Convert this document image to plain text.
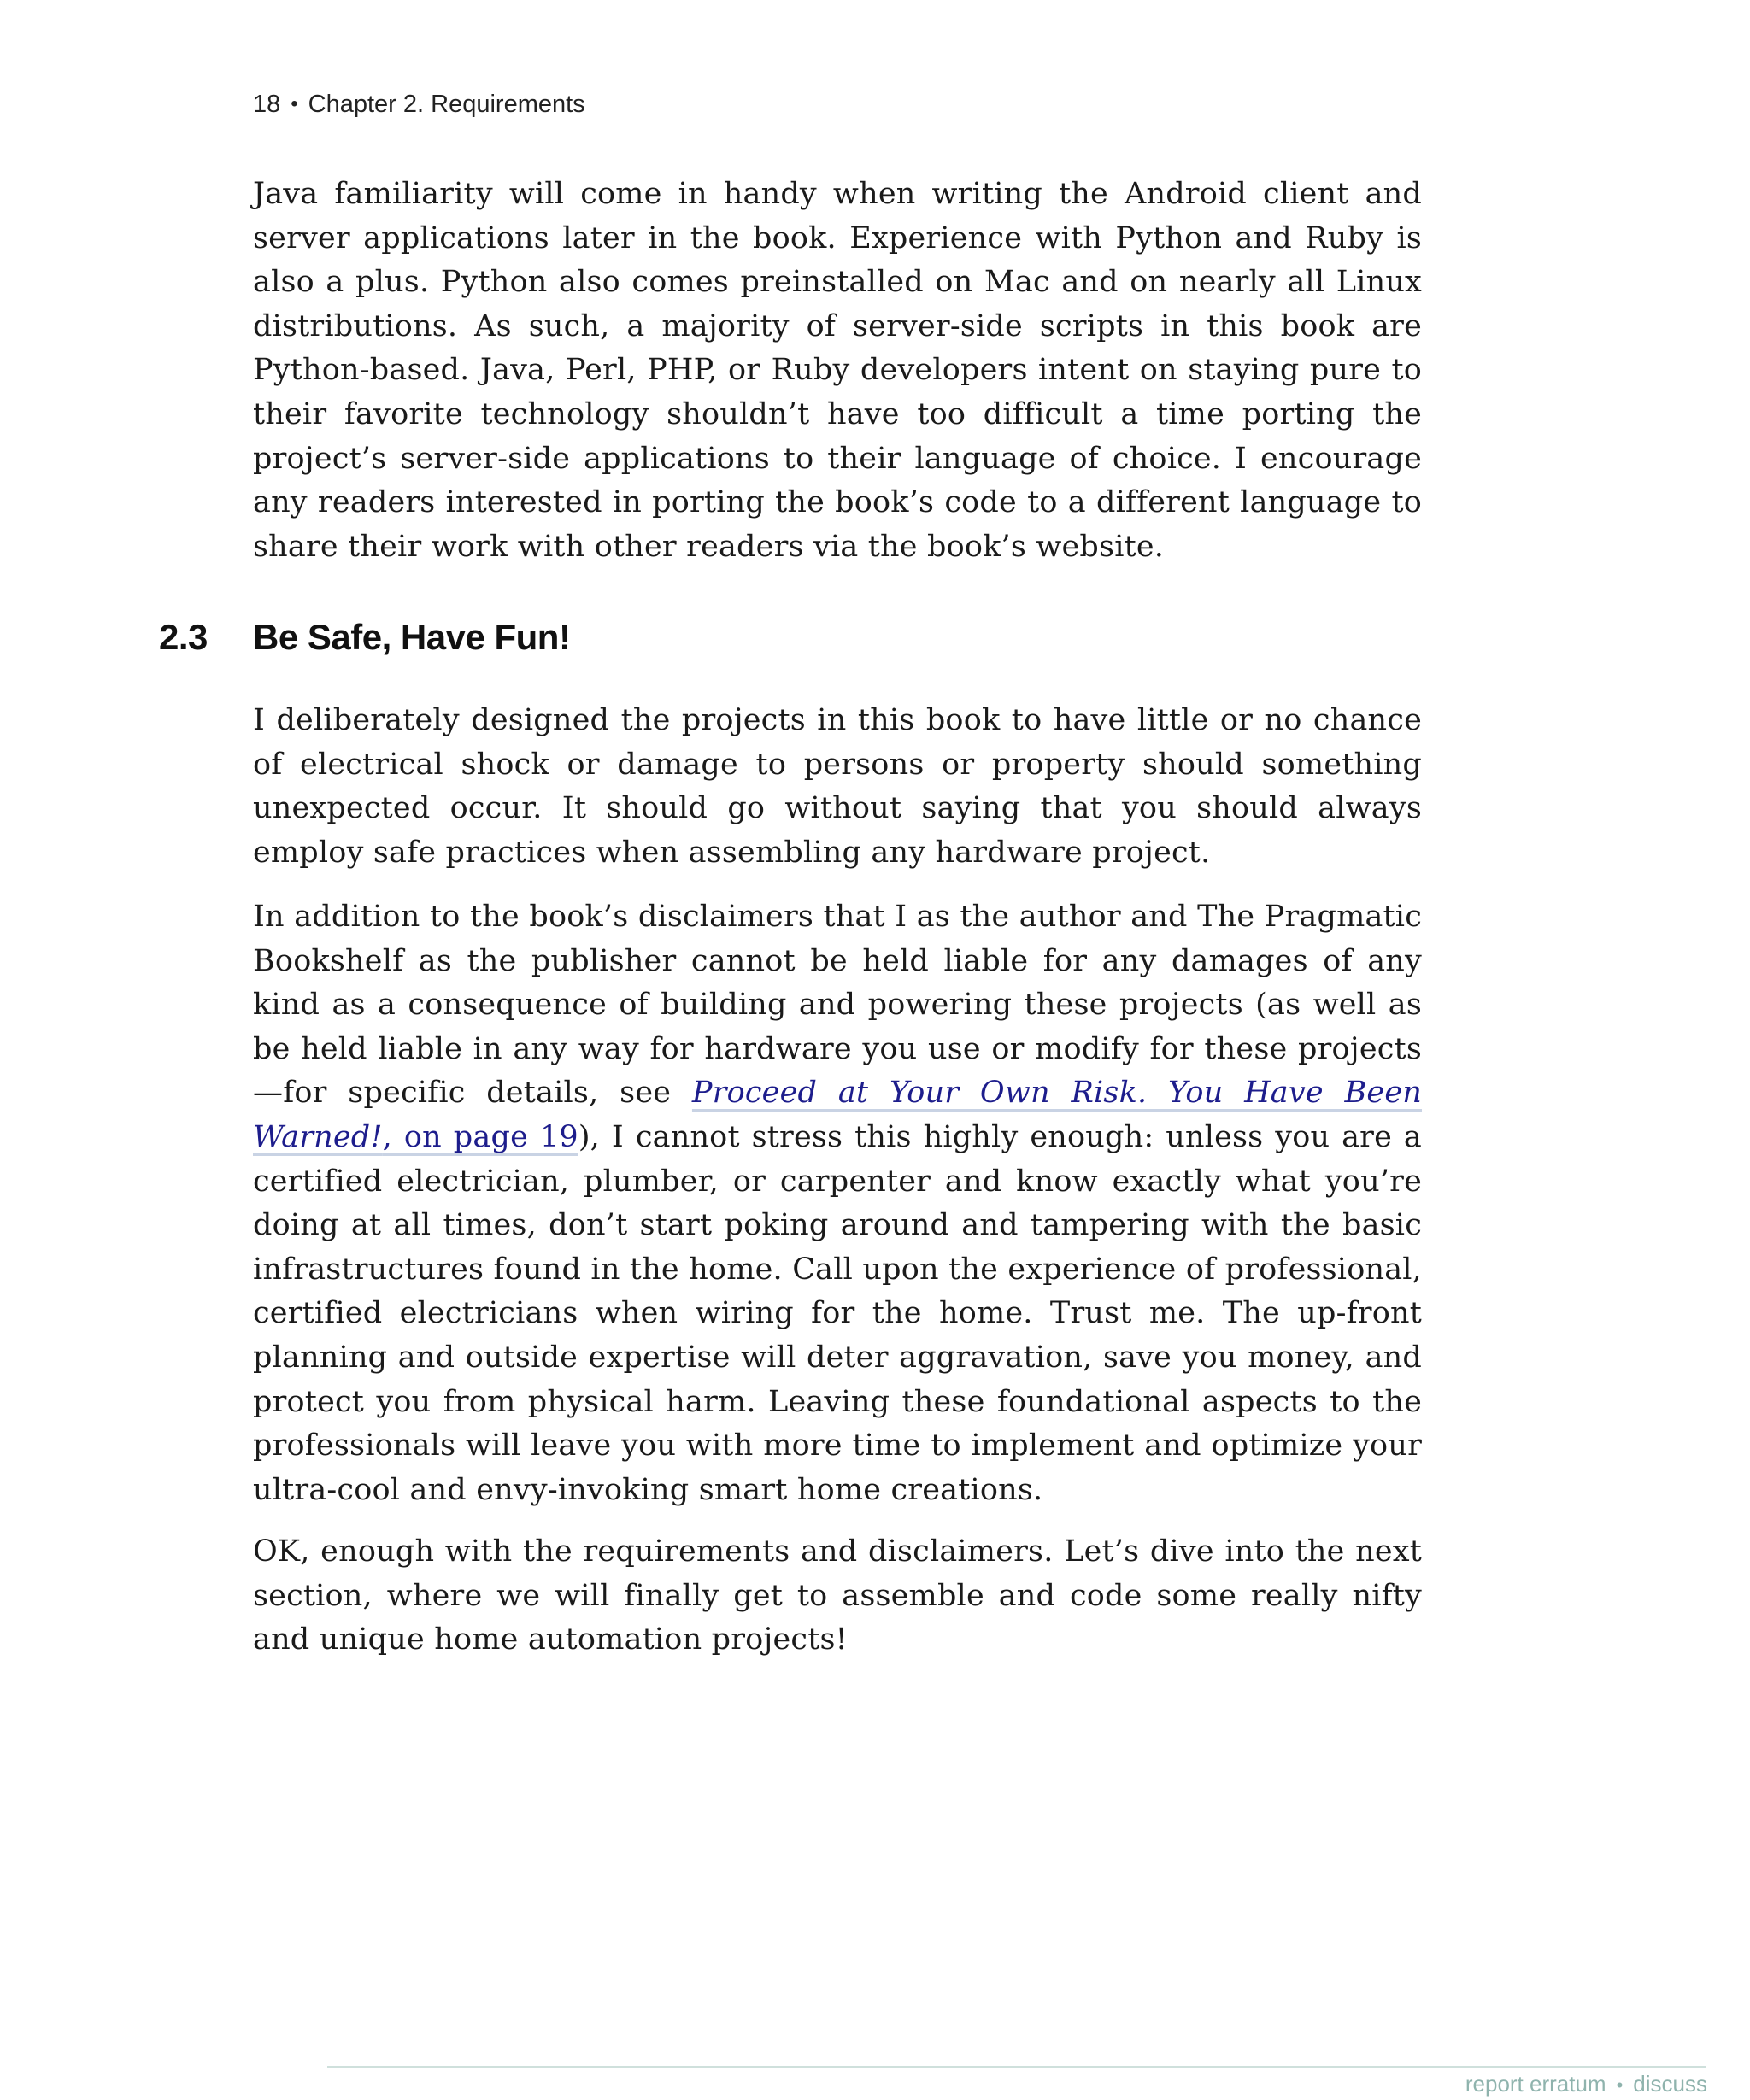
18 • Chapter 2. Requirements

Java familiarity will come in handy when writing the Android client and server applications later in the book. Experience with Python and Ruby is also a plus. Python also comes preinstalled on Mac and on nearly all Linux distributions. As such, a majority of server-side scripts in this book are Python-based. Java, Perl, PHP, or Ruby developers intent on staying pure to their favorite technology shouldn’t have too difficult a time porting the project’s server-side applications to their language of choice. I encourage any readers interested in porting the book’s code to a different language to share their work with other readers via the book’s website.

2.3 Be Safe, Have Fun!

I deliberately designed the projects in this book to have little or no chance of electrical shock or damage to persons or property should something unexpected occur. It should go without saying that you should always employ safe practices when assembling any hardware project.

In addition to the book’s disclaimers that I as the author and The Pragmatic Bookshelf as the publisher cannot be held liable for any damages of any kind as a consequence of building and powering these projects (as well as be held liable in any way for hardware you use or modify for these projects—for specific details, see Proceed at Your Own Risk. You Have Been Warned!, on page 19), I cannot stress this highly enough: unless you are a certified electrician, plumber, or carpenter and know exactly what you’re doing at all times, don’t start poking around and tampering with the basic infrastructures found in the home. Call upon the experience of professional, certified electricians when wiring for the home. Trust me. The up-front planning and outside expertise will deter aggravation, save you money, and protect you from physical harm. Leaving these foundational aspects to the professionals will leave you with more time to implement and optimize your ultra-cool and envy-invoking smart home creations.

OK, enough with the requirements and disclaimers. Let’s dive into the next section, where we will finally get to assemble and code some really nifty and unique home automation projects!

report erratum • discuss
